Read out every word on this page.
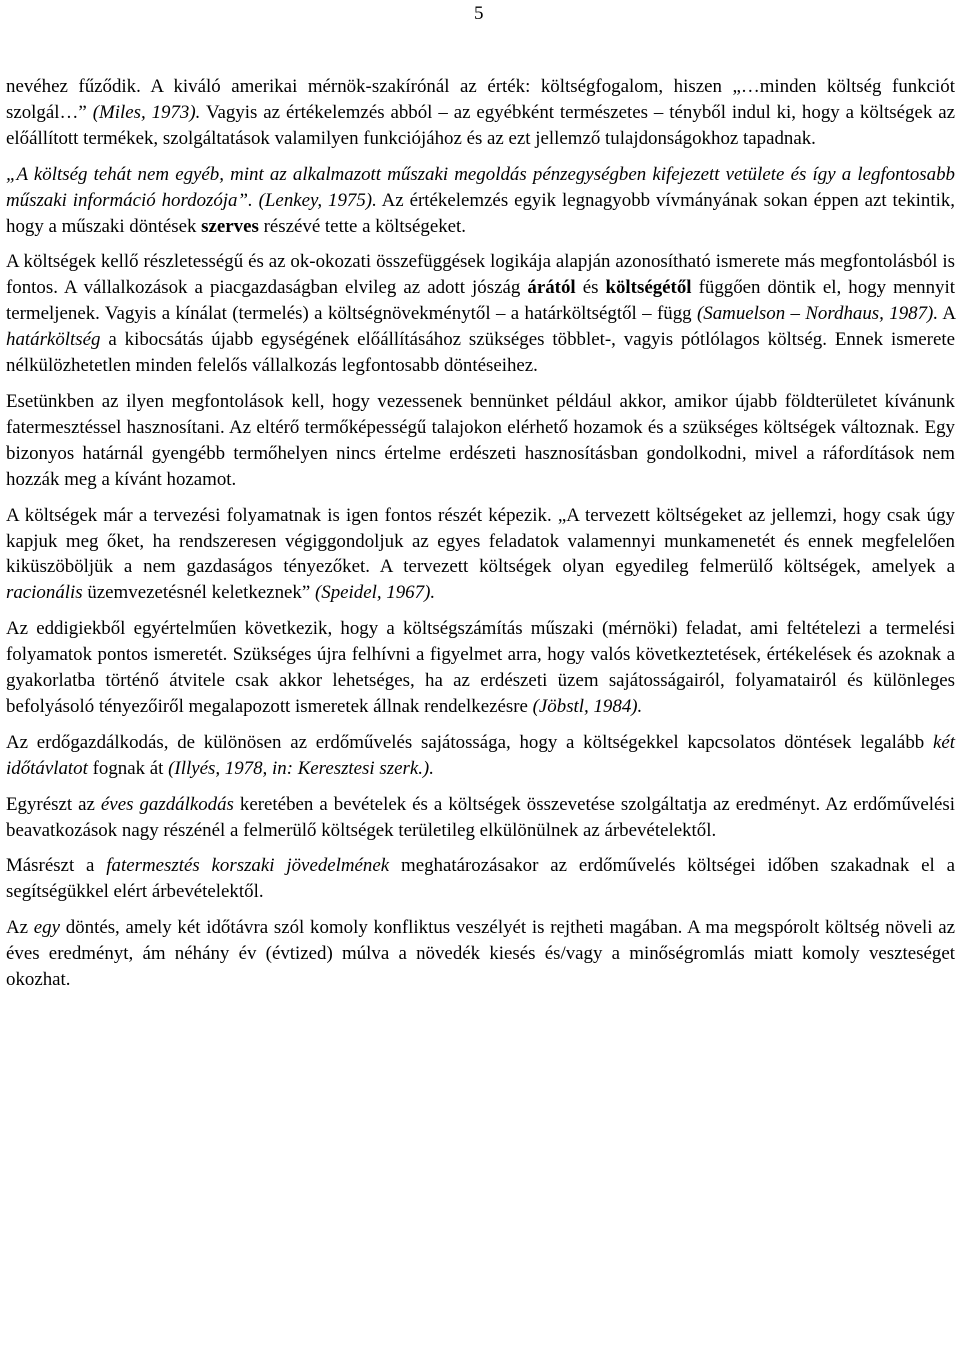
5

nevéhez fűződik. A kiváló amerikai mérnök-szakírónál az érték: költségfogalom, hiszen „…minden költség funkciót szolgál…” (Miles, 1973). Vagyis az értékelemzés abból – az egyébként természetes – tényből indul ki, hogy a költségek az előállított termékek, szolgáltatások valamilyen funkciójához és az ezt jellemző tulajdonságokhoz tapadnak.

„A költség tehát nem egyéb, mint az alkalmazott műszaki megoldás pénzegységben kifejezett vetülete és így a legfontosabb műszaki információ hordozója”. (Lenkey, 1975). Az értékelemzés egyik legnagyobb vívmányának sokan éppen azt tekintik, hogy a műszaki döntések szerves részévé tette a költségeket.

A költségek kellő részletességű és az ok-okozati összefüggések logikája alapján azonosítható ismerete más megfontolásból is fontos. A vállalkozások a piacgazdaságban elvileg az adott jószág árától és költségétől függően döntik el, hogy mennyit termeljenek. Vagyis a kínálat (termelés) a költségnövekménytől – a határköltségtől – függ (Samuelson – Nordhaus, 1987). A határköltség a kibocsátás újabb egységének előállításához szükséges többlet-, vagyis pótlólagos költség. Ennek ismerete nélkülözhetetlen minden felelős vállalkozás legfontosabb döntéseihez.

Esetünkben az ilyen megfontolások kell, hogy vezessenek bennünket például akkor, amikor újabb földterületet kívánunk fatermesztéssel hasznosítani. Az eltérő termőképességű talajokon elérhető hozamok és a szükséges költségek változnak. Egy bizonyos határnál gyengébb termőhelyen nincs értelme erdészeti hasznosításban gondolkodni, mivel a ráfordítások nem hozzák meg a kívánt hozamot.

A költségek már a tervezési folyamatnak is igen fontos részét képezik. „A tervezett költségeket az jellemzi, hogy csak úgy kapjuk meg őket, ha rendszeresen végiggondoljuk az egyes feladatok valamennyi munkamenetét és ennek megfelelően kiküszöböljük a nem gazdaságos tényezőket. A tervezett költségek olyan egyedileg felmerülő költségek, amelyek a racionális üzemvezetésnél keletkeznek” (Speidel, 1967).

Az eddigiekből egyértelműen következik, hogy a költségszámítás műszaki (mérnöki) feladat, ami feltételezi a termelési folyamatok pontos ismeretét. Szükséges újra felhívni a figyelmet arra, hogy valós következtetések, értékelések és azoknak a gyakorlatba történő átvitele csak akkor lehetséges, ha az erdészeti üzem sajátosságairól, folyamatairól és különleges befolyásoló tényezőiről megalapozott ismeretek állnak rendelkezésre (Jöbstl, 1984).

Az erdőgazdálkodás, de különösen az erdőművelés sajátossága, hogy a költségekkel kapcsolatos döntések legalább két időtávlatot fognak át (Illyés, 1978, in: Keresztesi szerk.).

Egyrészt az éves gazdálkodás keretében a bevételek és a költségek összevetése szolgáltatja az eredményt. Az erdőművelési beavatkozások nagy részénél a felmerülő költségek területileg elkülönülnek az árbevételektől.

Másrészt a fatermesztés korszaki jövedelmének meghatározásakor az erdőművelés költségei időben szakadnak el a segítségükkel elért árbevételektől.

Az egy döntés, amely két időtávra szól komoly konfliktus veszélyét is rejtheti magában. A ma megspórolt költség növeli az éves eredményt, ám néhány év (évtized) múlva a növedék kiesés és/vagy a minőségromlás miatt komoly veszteséget okozhat.
